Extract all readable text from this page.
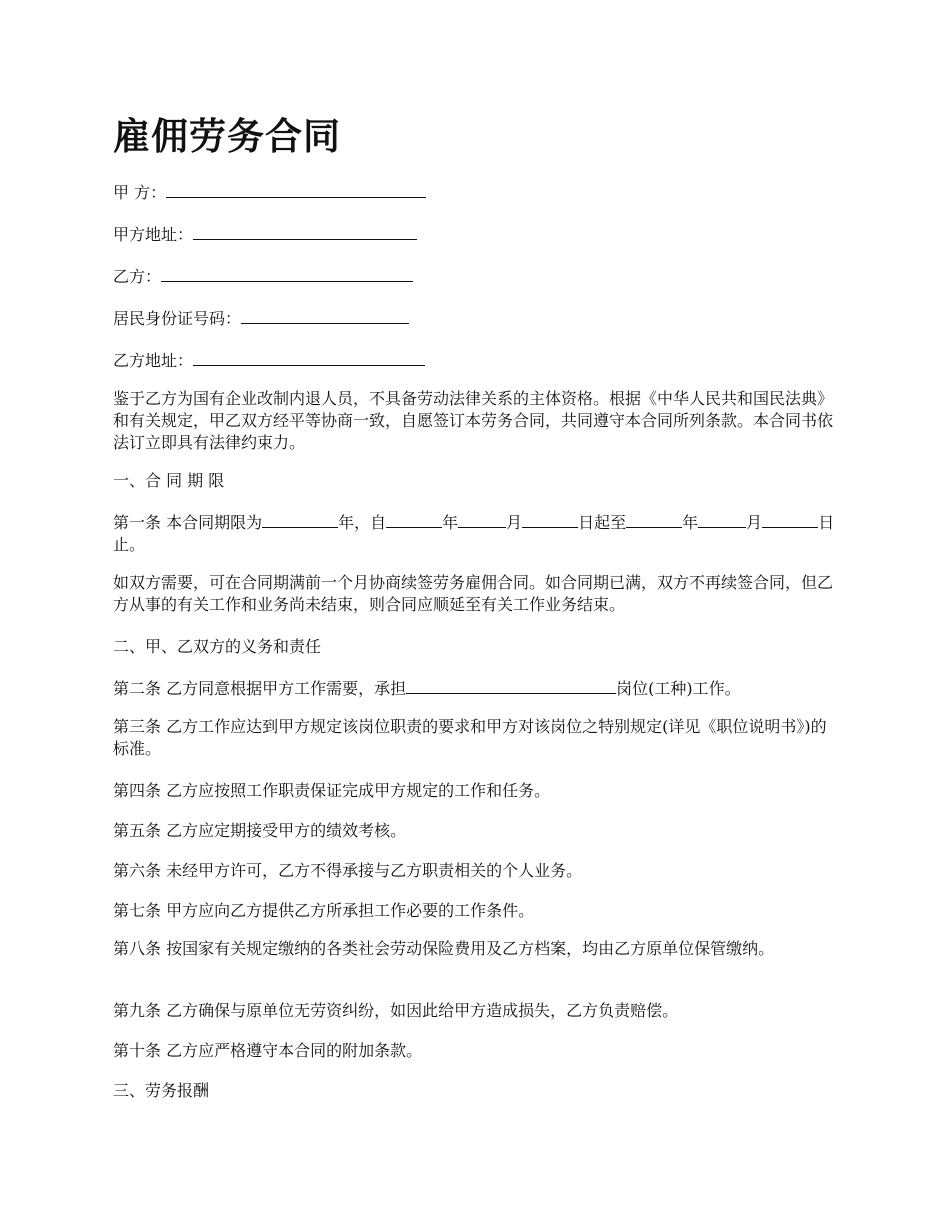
雇佣劳务合同
甲 方：
甲方地址：
乙方：
居民身份证号码：
乙方地址：
鉴于乙方为国有企业改制内退人员，不具备劳动法律关系的主体资格。根据《中华人民共和国民法典》和有关规定，甲乙双方经平等协商一致，自愿签订本劳务合同，共同遵守本合同所列条款。本合同书依法订立即具有法律约束力。
一、合 同 期 限
第一条 本合同期限为	年，自	年	月	日起至	年	月	日止。
如双方需要，可在合同期满前一个月协商续签劳务雇佣合同。如合同期已满，双方不再续签合同，但乙方从事的有关工作和业务尚未结束，则合同应顺延至有关工作业务结束。
二、甲、乙双方的义务和责任
第二条 乙方同意根据甲方工作需要，承担	岗位(工种)工作。
第三条 乙方工作应达到甲方规定该岗位职责的要求和甲方对该岗位之特别规定(详见《职位说明书》)的标准。
第四条 乙方应按照工作职责保证完成甲方规定的工作和任务。
第五条 乙方应定期接受甲方的绩效考核。
第六条 未经甲方许可，乙方不得承接与乙方职责相关的个人业务。
第七条 甲方应向乙方提供乙方所承担工作必要的工作条件。
第八条 按国家有关规定缴纳的各类社会劳动保险费用及乙方档案，均由乙方原单位保管缴纳。
第九条 乙方确保与原单位无劳资纠纷，如因此给甲方造成损失，乙方负责赔偿。
第十条 乙方应严格遵守本合同的附加条款。
三、劳务报酬
